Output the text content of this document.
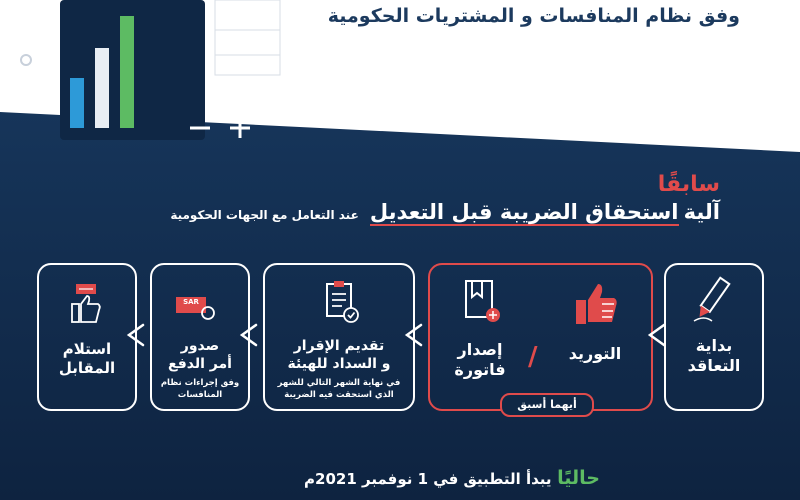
وفق نظام المنافسات و المشتريات الحكومية
سابقًا
آلية استحقاق الضريبة قبل التعديل عند التعامل مع الجهات الحكومية
SAR
بداية
التعاقد
التوريد
/
إصدار
فاتورة
أيهما أسبق
تقديم الإقرار
و السداد للهيئة
في نهاية الشهر التالي للشهر
الذي استحقت فيه الضريبة
صدور
أمر الدفع
وفق إجراءات نظام
المنافسات
استلام
المقابل
حاليًا يبدأ التطبيق في 1 نوفمبر 2021م
